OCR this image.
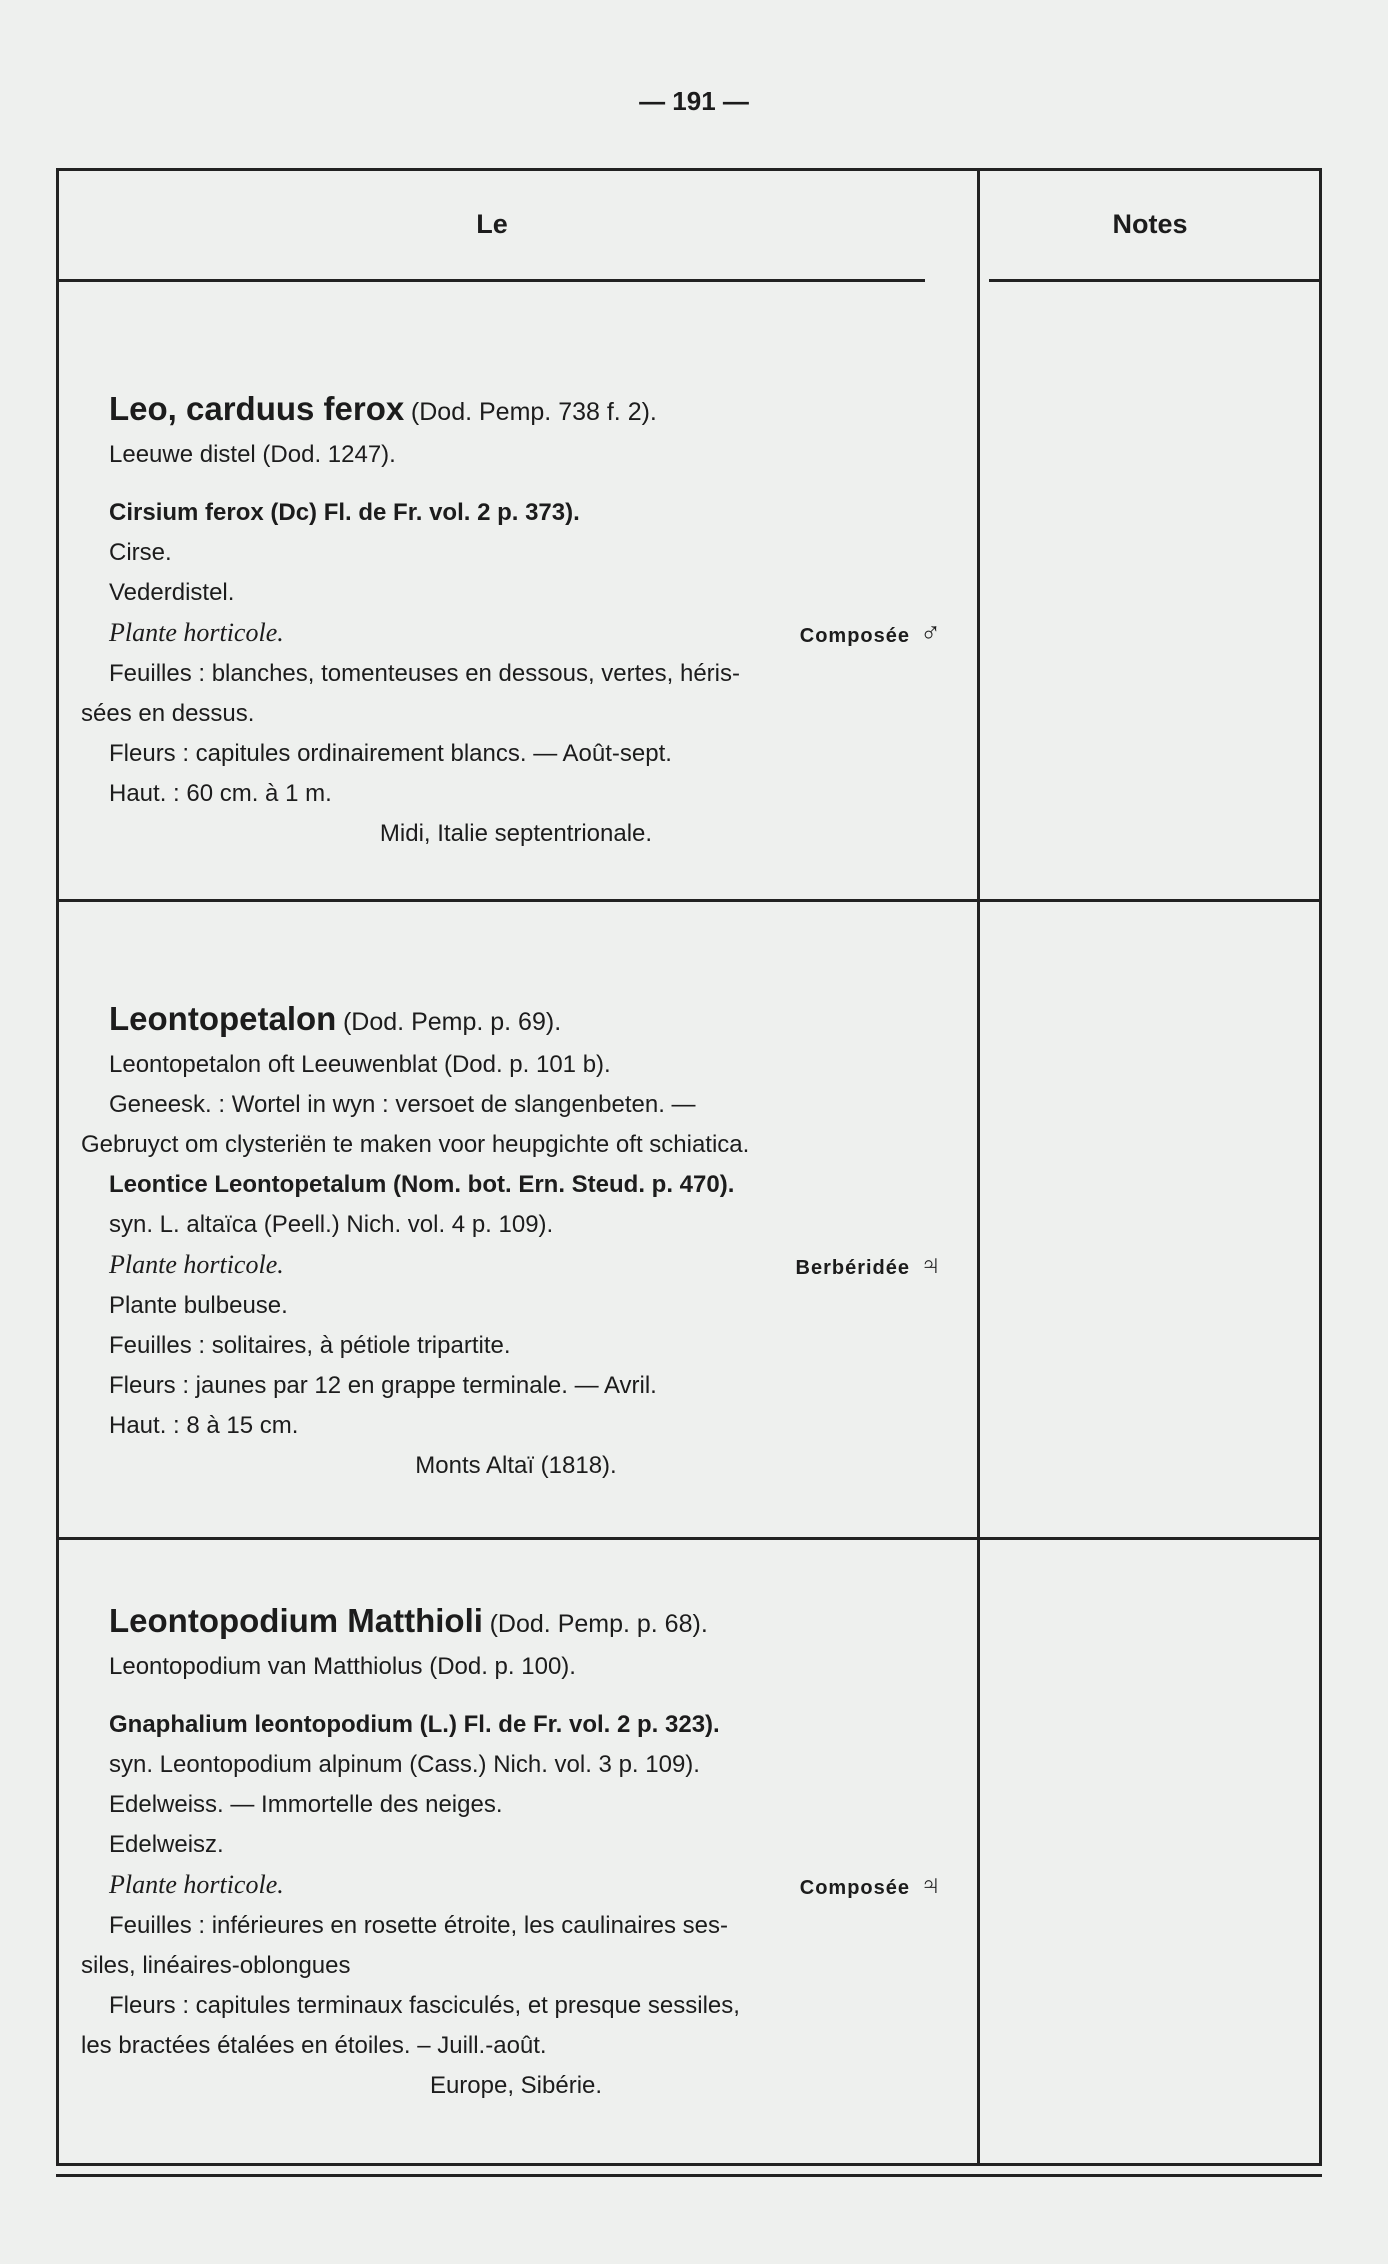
— 191 —
Le	Notes
Leo, carduus ferox (Dod. Pemp. 738 f. 2).
Leeuwe distel (Dod. 1247).
Cirsium ferox (Dc) Fl. de Fr. vol. 2 p. 373).
Cirse.
Vederdistel.
Plante horticole.	Composée ♂
Feuilles : blanches, tomenteuses en dessous, vertes, héris-
sées en dessus.
Fleurs : capitules ordinairement blancs. — Août-sept.
Haut. : 60 cm. à 1 m.
Midi, Italie septentrionale.
Leontopetalon (Dod. Pemp. p. 69).
Leontopetalon oft Leeuwenblat (Dod. p. 101 b).
Geneesk. : Wortel in wyn : versoet de slangenbeten. —
Gebruyct om clysteriën te maken voor heupgichte oft schiatica.
Leontice Leontopetalum (Nom. bot. Ern. Steud. p. 470).
syn. L. altaïca (Peell.) Nich. vol. 4 p. 109).
Plante horticole.	Berbéridée ♃
Plante bulbeuse.
Feuilles : solitaires, à pétiole tripartite.
Fleurs : jaunes par 12 en grappe terminale. — Avril.
Haut. : 8 à 15 cm.
Monts Altaï (1818).
Leontopodium Matthioli (Dod. Pemp. p. 68).
Leontopodium van Matthiolus (Dod. p. 100).
Gnaphalium leontopodium (L.) Fl. de Fr. vol. 2 p. 323).
syn. Leontopodium alpinum (Cass.) Nich. vol. 3 p. 109).
Edelweiss. — Immortelle des neiges.
Edelweisz.
Plante horticole.	Composée ♃
Feuilles : inférieures en rosette étroite, les caulinaires ses-
siles, linéaires-oblongues
Fleurs : capitules terminaux fasciculés, et presque sessiles,
les bractées étalées en étoiles. – Juill.-août.
Europe, Sibérie.
